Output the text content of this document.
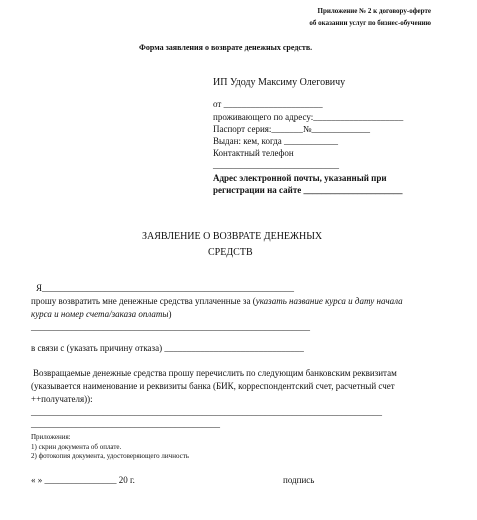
Приложение № 2 к договору-оферте
об оказании услуг по бизнес-обучению
Форма заявления о возврате денежных средств.
ИП Удоду Максиму Олеговичу
от ______________________
проживающего по адресу:____________________
Паспорт серия:_______№_____________
Выдан: кем, когда ____________
Контактный телефон
____________________________
Адрес электронной почты, указанный при
регистрации на сайте ______________________
ЗАЯВЛЕНИЕ О ВОЗВРАТЕ ДЕНЕЖНЫХ
СРЕДСТВ
Я________________________________________________________
прошу возвратить мне денежные средства уплаченные за (указать название курса и дату начала
курса и номер счета/заказа оплаты)
______________________________________________________________
в связи с (указать причину отказа) _______________________________
Возвращаемые денежные средства прошу перечислить по следующим банковским реквизитам
(указывается наименование и реквизиты банка (БИК, корреспондентский счет, расчетный счет
++получателя)):
______________________________________________________________________________
__________________________________________
Приложения:
1) скрин документа об оплате.
2) фотокопия документа, удостоверяющего личность
« » ________________ 20 г.	подпись
